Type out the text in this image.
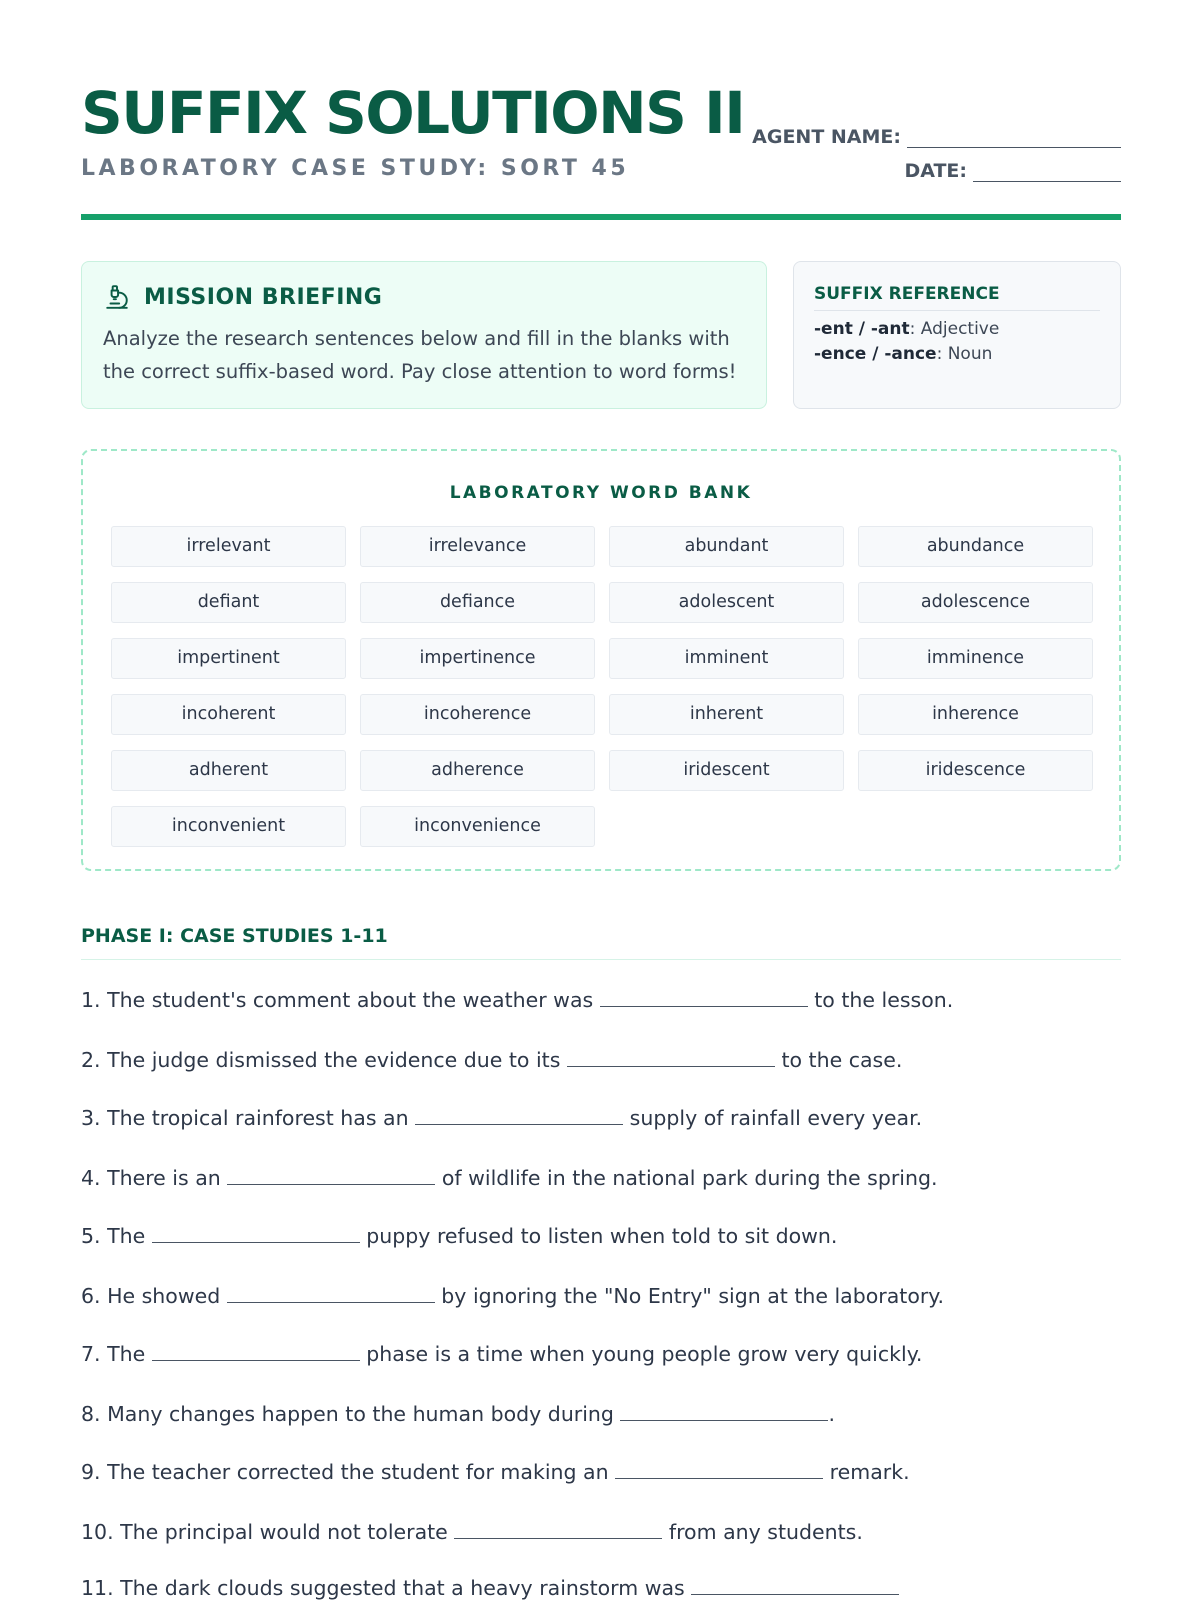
SUFFIX SOLUTIONS II

LABORATORY CASE STUDY: SORT 45

AGENT NAME:
DATE:
MISSION BRIEFING

Analyze the research sentences below and fill in the blanks with the correct suffix-based word. Pay close attention to word forms!

SUFFIX REFERENCE
-ent / -ant: Adjective
-ence / -ance: Noun
LABORATORY WORD BANK
irrelevant	irrelevance	abundant	abundance
defiant	defiance	adolescent	adolescence
impertinent	impertinence	imminent	imminence
incoherent	incoherence	inherent	inherence
adherent	adherence	iridescent	iridescence
inconvenient	inconvenience
PHASE I: CASE STUDIES 1-11
1. The student's comment about the weather was	to the lesson.
2. The judge dismissed the evidence due to its	to the case.
3. The tropical rainforest has an	supply of rainfall every year.
4. There is an	of wildlife in the national park during the spring.
5. The	puppy refused to listen when told to sit down.
6. He showed	by ignoring the "No Entry" sign at the laboratory.
7. The	phase is a time when young people grow very quickly.
8. Many changes happen to the human body during	.
9. The teacher corrected the student for making an	remark.
10. The principal would not tolerate	from any students.
11. The dark clouds suggested that a heavy rainstorm was
